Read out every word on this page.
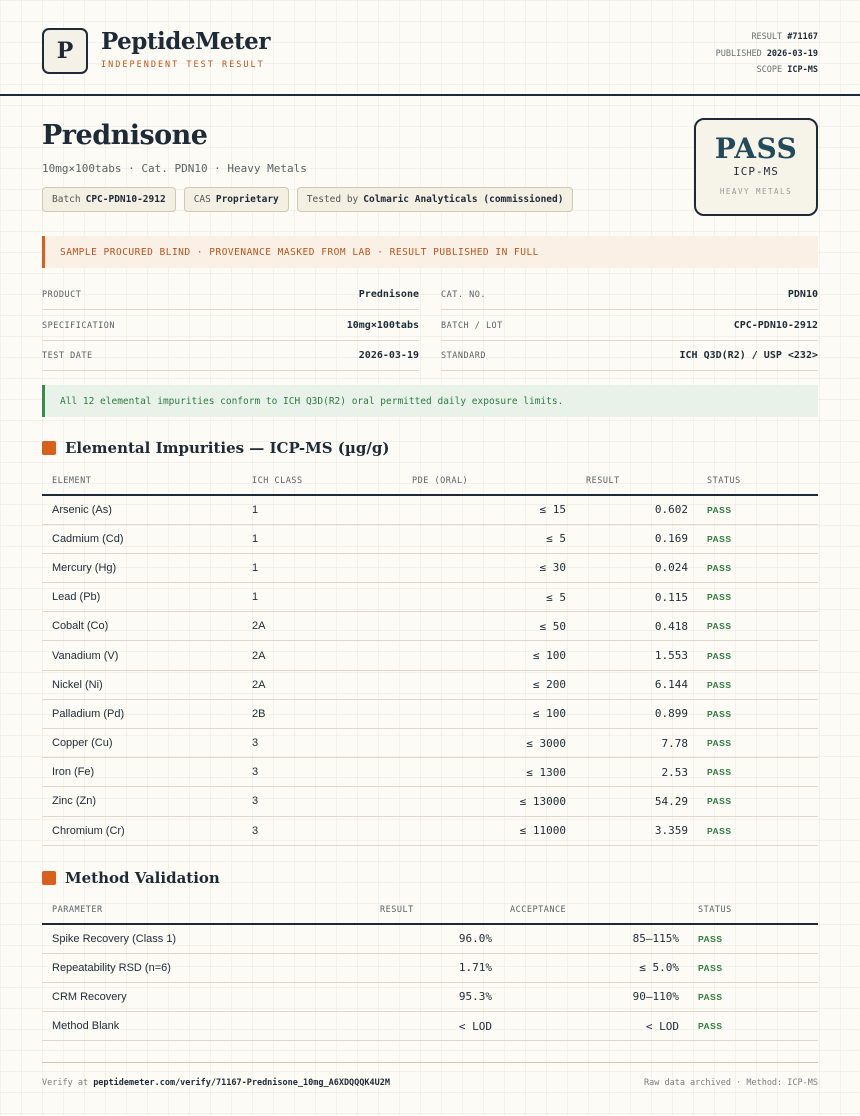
P	PeptideMeter
INDEPENDENT TEST RESULT
RESULT #71167
PUBLISHED 2026-03-19
SCOPE ICP-MS
Prednisone
10mg×100tabs · Cat. PDN10 · Heavy Metals
Batch CPC-PDN10-2912	CAS Proprietary	Tested by Colmaric Analyticals (commissioned)
PASS
ICP-MS
HEAVY METALS
SAMPLE PROCURED BLIND · PROVENANCE MASKED FROM LAB · RESULT PUBLISHED IN FULL
PRODUCT	Prednisone	CAT. NO.	PDN10
SPECIFICATION	10mg×100tabs	BATCH / LOT	CPC-PDN10-2912
TEST DATE	2026-03-19	STANDARD	ICH Q3D(R2) / USP <232>
All 12 elemental impurities conform to ICH Q3D(R2) oral permitted daily exposure limits.
Elemental Impurities — ICP-MS (µg/g)
ELEMENT	ICH CLASS	PDE (ORAL)	RESULT	STATUS
Arsenic (As)	1	≤ 15	0.602	PASS
Cadmium (Cd)	1	≤ 5	0.169	PASS
Mercury (Hg)	1	≤ 30	0.024	PASS
Lead (Pb)	1	≤ 5	0.115	PASS
Cobalt (Co)	2A	≤ 50	0.418	PASS
Vanadium (V)	2A	≤ 100	1.553	PASS
Nickel (Ni)	2A	≤ 200	6.144	PASS
Palladium (Pd)	2B	≤ 100	0.899	PASS
Copper (Cu)	3	≤ 3000	7.78	PASS
Iron (Fe)	3	≤ 1300	2.53	PASS
Zinc (Zn)	3	≤ 13000	54.29	PASS
Chromium (Cr)	3	≤ 11000	3.359	PASS
Method Validation
PARAMETER	RESULT	ACCEPTANCE	STATUS
Spike Recovery (Class 1)	96.0%	85–115%	PASS
Repeatability RSD (n=6)	1.71%	≤ 5.0%	PASS
CRM Recovery	95.3%	90–110%	PASS
Method Blank	< LOD	< LOD	PASS
Verify at peptidemeter.com/verify/71167-Prednisone_10mg_A6XDQQQK4U2M	Raw data archived · Method: ICP-MS
